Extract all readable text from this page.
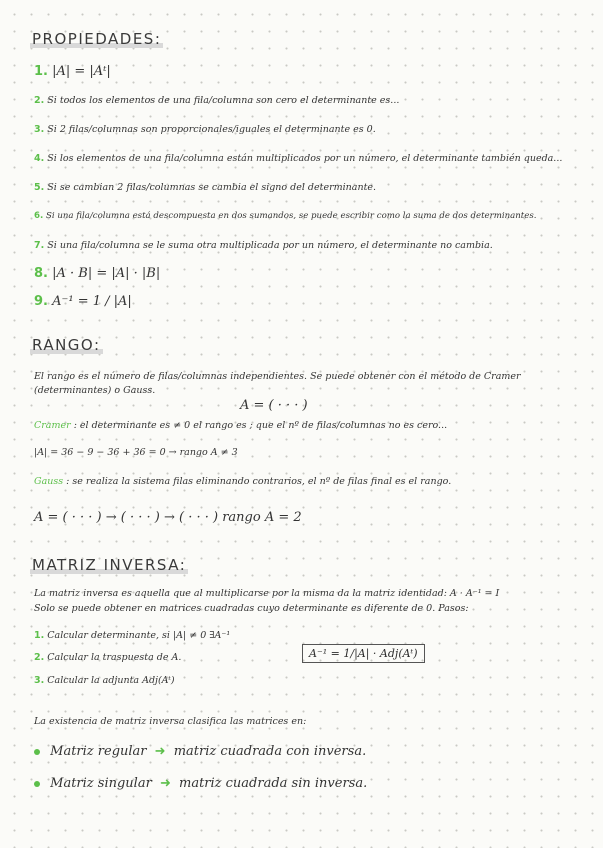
PROPIEDADES:
1. |A| = |Aᵗ|
2. Si todos los elementos de una fila/columna son cero el determinante es...
3. Si 2 filas/columnas son proporcionales/iguales el determinante es 0.
4. Si los elementos de una fila/columna están multiplicados por un número, el determinante también queda...
5. Si se cambian 2 filas/columnas se cambia el signo del determinante.
6. Si una fila/columna está descompuesta en dos sumandos, se puede escribir como la suma de dos determinantes.
7. Si una fila/columna se le suma otra multiplicada por un número, el determinante no cambia.
8. |A · B| = |A| · |B|
9. A⁻¹ = 1 / |A|
RANGO:
El rango es el número de filas/columnas independientes. Se puede obtener con el método de Cramer (determinantes) o Gauss.
A = ( · · · )
Cramer : el determinante es ≠ 0 el rango es ; que el nº de filas/columnas no es cero...
|A| = 36 − 9 − 36 + 36 = 0 → rango A ≠ 3
Gauss : se realiza la sistema filas eliminando contrarios, el nº de filas final es el rango.
A = ( · · · ) → ( · · · ) → ( · · · ) rango A = 2
MATRIZ INVERSA:
La matriz inversa es aquella que al multiplicarse por la misma da la matriz identidad: A · A⁻¹ = I
Solo se puede obtener en matrices cuadradas cuyo determinante es diferente de 0. Pasos:
1. Calcular determinante, si |A| ≠ 0 ∃A⁻¹
2. Calcular la traspuesta de A.
3. Calcular la adjunta Adj(Aᵗ)
A⁻¹ = 1/|A| · Adj(Aᵗ)
La existencia de matriz inversa clasifica las matrices en:
Matriz regular ➜ matriz cuadrada con inversa.
Matriz singular ➜ matriz cuadrada sin inversa.
